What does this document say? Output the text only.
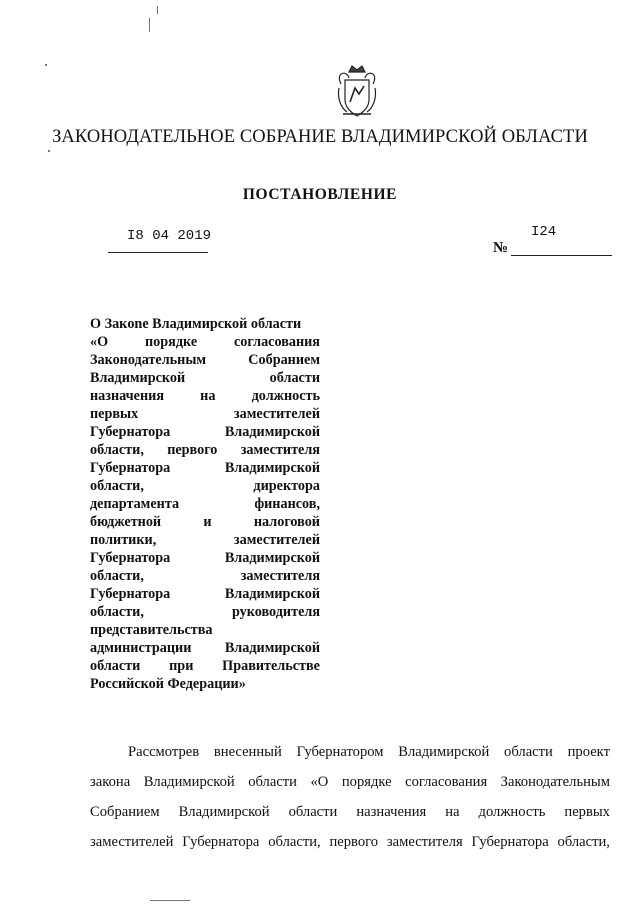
ЗАКОНОДАТЕЛЬНОЕ СОБРАНИЕ ВЛАДИМИРСКОЙ ОБЛАСТИ
ПОСТАНОВЛЕНИЕ
I8 04 2019	I24
№
О Закone Владимирской области
«О	порядке	согласования
Законодательным	Собранием
Владимирской	области
назначения	на	должность
первых	заместителей
Губернатора	Владимирской
области, первого заместителя
Губернатора	Владимирской
области,	директора
департамента	финансов,
бюджетной	и	налоговой
политики,	заместителей
Губернатора	Владимирской
области,	заместителя
Губернатора	Владимирской
области,	руководителя
представительства
администрации Владимирской
области при Правительстве
Российской Федерации»
Рассмотрев внесенный Губернатором Владимирской области проект
закона Владимирской области «О порядке согласования Законодательным
Собранием Владимирской области назначения на должность первых
заместителей Губернатора области, первого заместителя Губернатора области,
